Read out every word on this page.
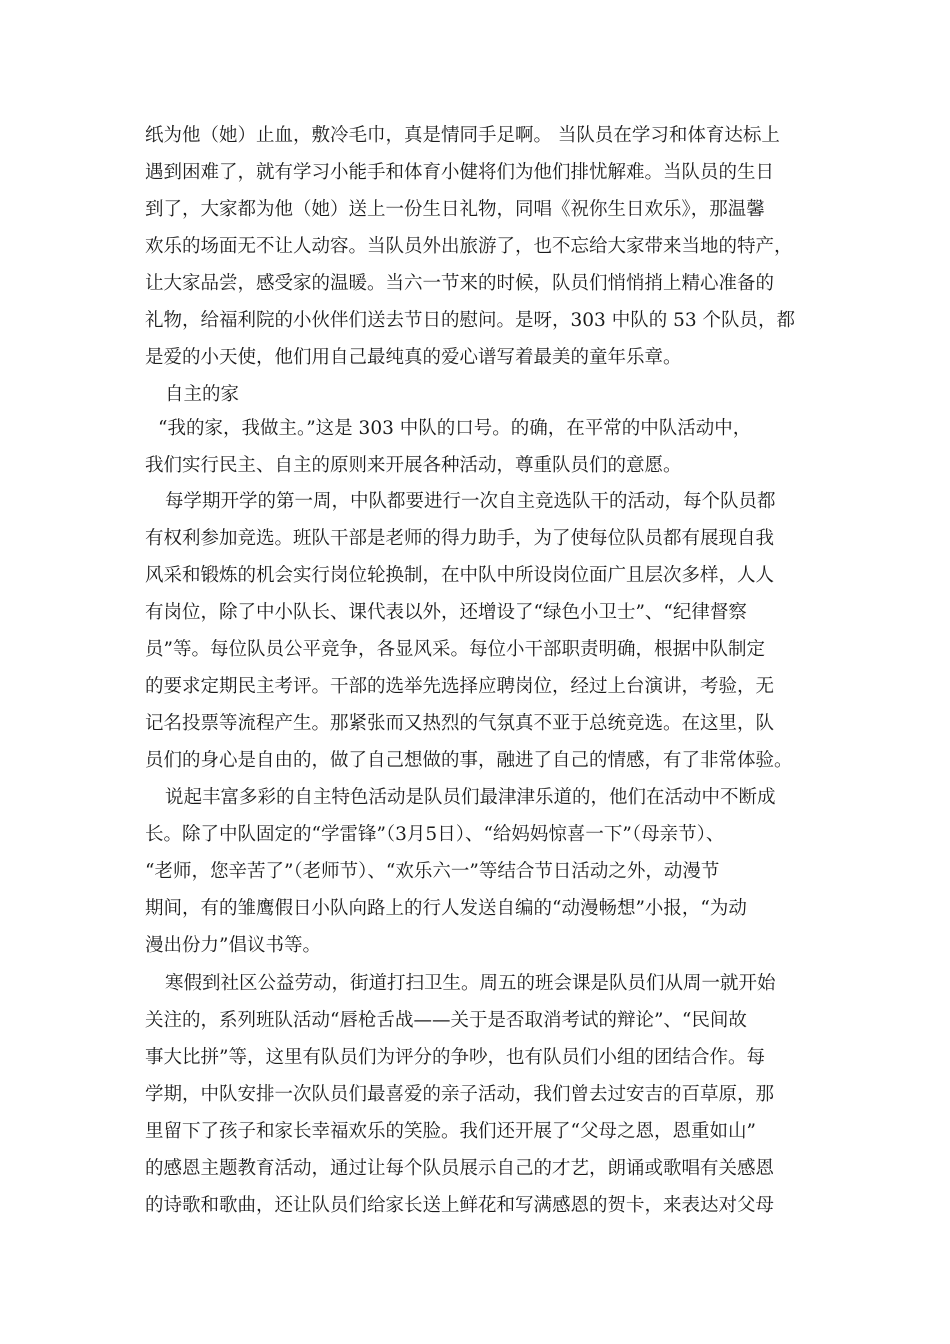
纸为他（她）止血，敷冷毛巾，真是情同手足啊。 当队员在学习和体育达标上
遇到困难了，就有学习小能手和体育小健将们为他们排忧解难。当队员的生日
到了，大家都为他（她）送上一份生日礼物，同唱《祝你生日欢乐》，那温馨
欢乐的场面无不让人动容。当队员外出旅游了，也不忘给大家带来当地的特产，
让大家品尝，感受家的温暖。当六一节来的时候，队员们悄悄捎上精心准备的
礼物，给福利院的小伙伴们送去节日的慰问。是呀，303 中队的 53 个队员，都
是爱的小天使，他们用自己最纯真的爱心谱写着最美的童年乐章。
自主的家
“我的家，我做主。”这是 303 中队的口号。的确，在平常的中队活动中，
我们实行民主、自主的原则来开展各种活动，尊重队员们的意愿。
每学期开学的第一周，中队都要进行一次自主竞选队干的活动，每个队员都
有权利参加竞选。班队干部是老师的得力助手，为了使每位队员都有展现自我
风采和锻炼的机会实行岗位轮换制，在中队中所设岗位面广且层次多样，人人
有岗位，除了中小队长、课代表以外，还增设了“绿色小卫士”、“纪律督察
员”等。每位队员公平竞争，各显风采。每位小干部职责明确，根据中队制定
的要求定期民主考评。干部的选举先选择应聘岗位，经过上台演讲，考验，无
记名投票等流程产生。那紧张而又热烈的气氛真不亚于总统竞选。在这里，队
员们的身心是自由的，做了自己想做的事，融进了自己的情感，有了非常体验。
说起丰富多彩的自主特色活动是队员们最津津乐道的，他们在活动中不断成
长。除了中队固定的“学雷锋”（3月5日）、“给妈妈惊喜一下”（母亲节）、
“老师，您辛苦了”（老师节）、“欢乐六一”等结合节日活动之外，动漫节
期间，有的雏鹰假日小队向路上的行人发送自编的“动漫畅想”小报，“为动
漫出份力”倡议书等。
寒假到社区公益劳动，街道打扫卫生。周五的班会课是队员们从周一就开始
关注的，系列班队活动“唇枪舌战——关于是否取消考试的辩论”、“民间故
事大比拼”等，这里有队员们为评分的争吵，也有队员们小组的团结合作。每
学期，中队安排一次队员们最喜爱的亲子活动，我们曾去过安吉的百草原，那
里留下了孩子和家长幸福欢乐的笑脸。我们还开展了“父母之恩，恩重如山”
的感恩主题教育活动，通过让每个队员展示自己的才艺，朗诵或歌唱有关感恩
的诗歌和歌曲，还让队员们给家长送上鲜花和写满感恩的贺卡，来表达对父母
